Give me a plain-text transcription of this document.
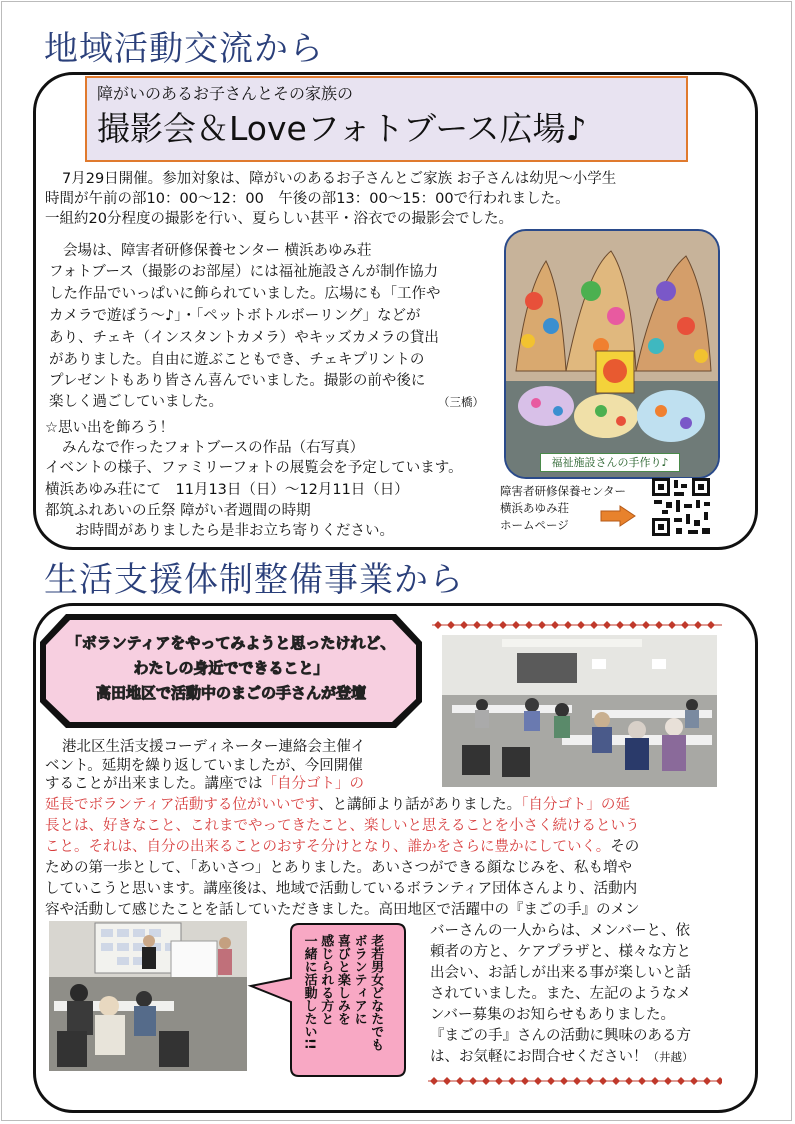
地域活動交流から
障がいのあるお子さんとその家族の
撮影会＆Loveフォトブース広場♪
7月29日開催。参加対象は、障がいのあるお子さんとご家族 お子さんは幼児～小学生
時間が午前の部10：00～12：00　午後の部13：00～15：00で行われました。
一組約20分程度の撮影を行い、夏らしい甚平・浴衣での撮影会でした。
会場は、障害者研修保養センター 横浜あゆみ荘
フォトブース（撮影のお部屋）には福祉施設さんが制作協力
した作品でいっぱいに飾られていました。広場にも「工作や
カメラで遊ぼう～♪」・「ペットボトルボーリング」などが
あり、チェキ（インスタントカメラ）やキッズカメラの貸出
がありました。自由に遊ぶこともでき、チェキプリントの
プレゼントもあり皆さん喜んでいました。撮影の前や後に
楽しく過ごしていました。	（三橋）
福祉施設さんの手作り♪
☆思い出を飾ろう！
みんなで作ったフォトブースの作品（右写真）
イベントの様子、ファミリーフォトの展覧会を予定しています。
横浜あゆみ荘にて　11月13日（日）～12月11日（日）
都筑ふれあいの丘祭 障がい者週間の時期
お時間がありましたら是非お立ち寄りください。
障害者研修保養センター
横浜あゆみ荘
ホームページ
生活支援体制整備事業から
「ボランティアをやってみようと思ったけれど、
わたしの身近でできること」
高田地区で活動中のまごの手さんが登壇
港北区生活支援コーディネーター連絡会主催イ
ベント。延期を繰り返していましたが、今回開催
することが出来ました。講座では「自分ゴト」の
延長でボランティア活動する位がいいです、と講師より話がありました。「自分ゴト」の延
長とは、好きなこと、これまでやってきたこと、楽しいと思えることを小さく続けるという
こと。それは、自分の出来ることのおすそ分けとなり、誰かをさらに豊かにしていく。その
ための第一歩として、「あいさつ」とありました。あいさつができる顔なじみを、私も増や
していこうと思います。講座後は、地域で活動しているボランティア団体さんより、活動内
容や活動して感じたことを話していただきました。高田地区で活躍中の『まごの手』のメン
老若男女どなたでも
ボランティアに
喜びと楽しみを
感じられる方と
一緒に活動したい!!
バーさんの一人からは、メンバーと、依
頼者の方と、ケアプラザと、様々な方と
出会い、お話しが出来る事が楽しいと話
されていました。また、左記のようなメ
ンバー募集のお知らせもありました。
『まごの手』さんの活動に興味のある方
は、お気軽にお問合せください！（井越）
